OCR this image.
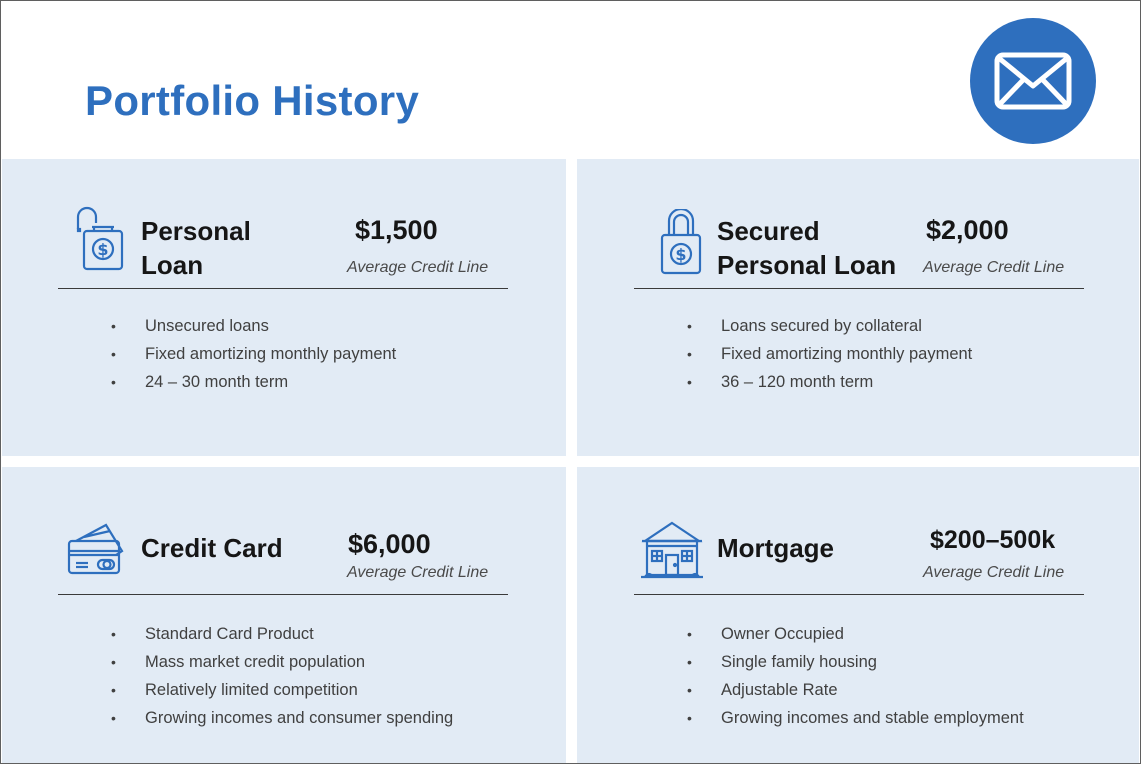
Portfolio History
$
Personal
Loan
$1,500
Average Credit Line
• Unsecured loans
• Fixed amortizing monthly payment
• 24 – 30 month term
$
Secured
Personal Loan
$2,000
Average Credit Line
• Loans secured by collateral
• Fixed amortizing monthly payment
• 36 – 120 month term
Credit Card $6,000
Average Credit Line
• Standard Card Product
• Mass market credit population
• Relatively limited competition
• Growing incomes and consumer spending
Mortgage	$200–500k
Average Credit Line
• Owner Occupied
• Single family housing
• Adjustable Rate
• Growing incomes and stable employment
